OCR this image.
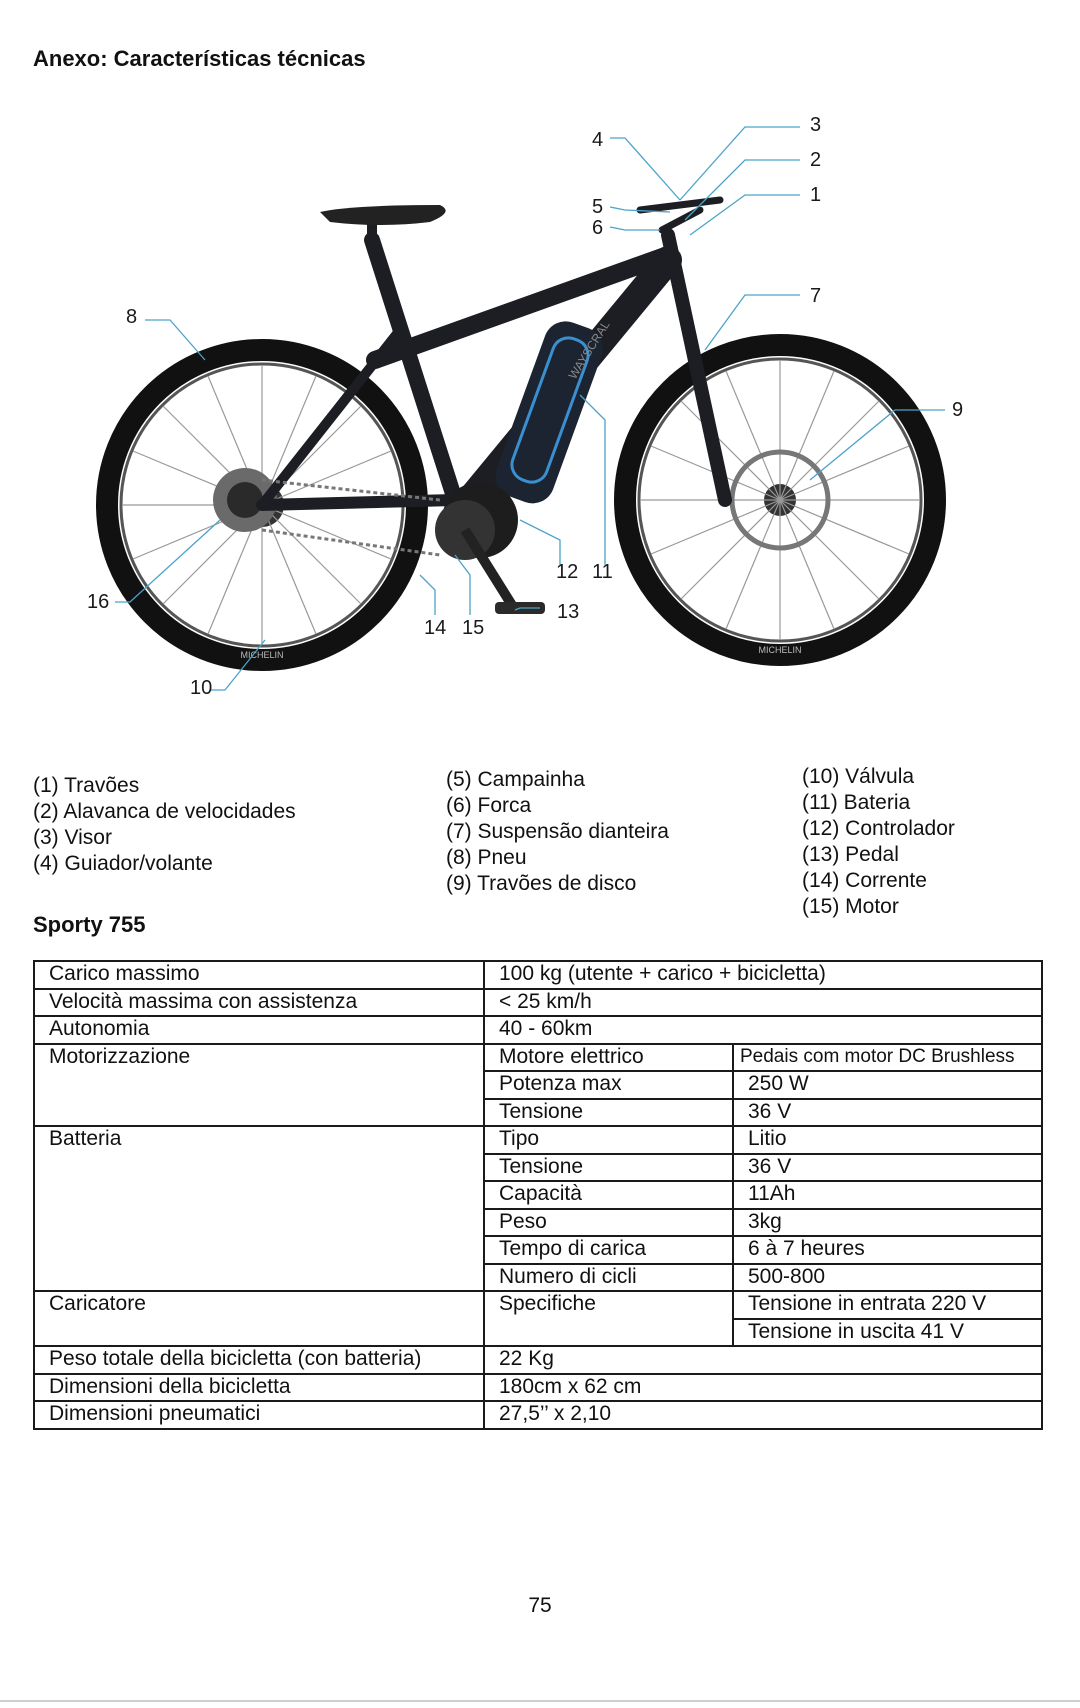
Anexo: Características técnicas
MICHELIN	MICHELIN
WAYSCRAL
1
2
3
4
5
6
7
8
9
10
11
12
13
14 15
16
(1) Travões
(2) Alavanca de velocidades
(3) Visor
(4) Guiador/volante
(5) Campainha
(6) Forca
(7) Suspensão dianteira
(8) Pneu
(9) Travões de disco
(10) Válvula
(11) Bateria
(12) Controlador
(13) Pedal
(14) Corrente
(15) Motor
Sporty 755
Carico massimo	100 kg (utente + carico + bicicletta)	
Velocità massima con assistenza	< 25 km/h	
Autonomia	40 - 60km	
Motorizzazione	Motore elettrico	Pedais com motor DC Brushless
	Potenza max	250 W
	Tensione	36 V
Batteria	Tipo	Litio
	Tensione	36 V
	Capacità	11Ah
	Peso	3kg
	Tempo di carica	6 à 7 heures
	Numero di cicli	500-800
Caricatore	Specifiche	Tensione in entrata 220 V
		Tensione in uscita 41 V
Peso totale della bicicletta (con batteria)	22 Kg	
Dimensioni della bicicletta	180cm x 62 cm	
Dimensioni pneumatici	27,5’’ x 2,10	
75
